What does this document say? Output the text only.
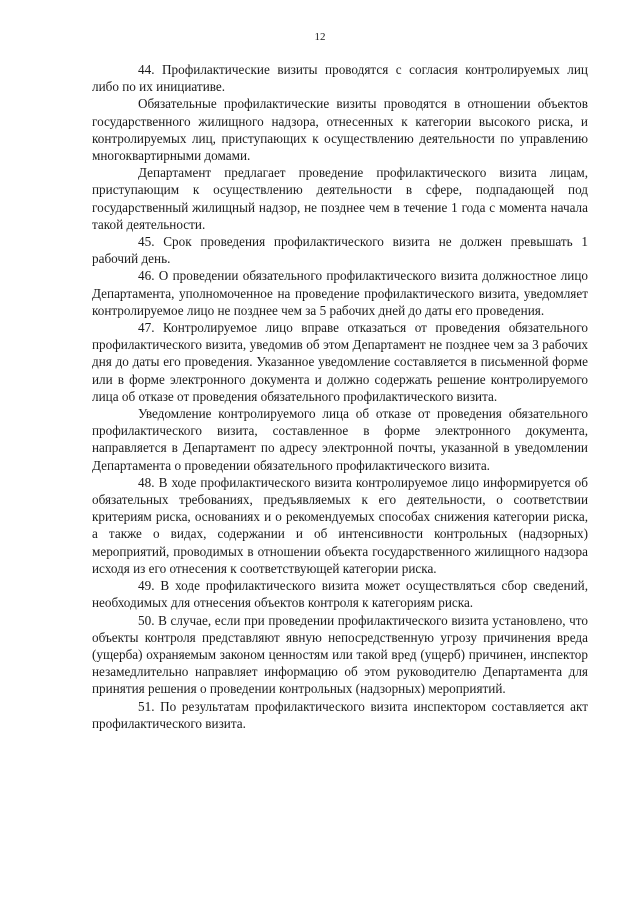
12

44. Профилактические визиты проводятся с согласия контролируемых лиц либо по их инициативе.

Обязательные профилактические визиты проводятся в отношении объектов государственного жилищного надзора, отнесенных к категории высокого риска, и контролируемых лиц, приступающих к осуществлению деятельности по управлению многоквартирными домами.

Департамент предлагает проведение профилактического визита лицам, приступающим к осуществлению деятельности в сфере, подпадающей под государственный жилищный надзор, не позднее чем в течение 1 года с момента начала такой деятельности.

45. Срок проведения профилактического визита не должен превышать 1 рабочий день.

46. О проведении обязательного профилактического визита должностное лицо Департамента, уполномоченное на проведение профилактического визита, уведомляет контролируемое лицо не позднее чем за 5 рабочих дней до даты его проведения.

47. Контролируемое лицо вправе отказаться от проведения обязательного профилактического визита, уведомив об этом Департамент не позднее чем за 3 рабочих дня до даты его проведения. Указанное уведомление составляется в письменной форме или в форме электронного документа и должно содержать решение контролируемого лица об отказе от проведения обязательного профилактического визита.

Уведомление контролируемого лица об отказе от проведения обязательного профилактического визита, составленное в форме электронного документа, направляется в Департамент по адресу электронной почты, указанной в уведомлении Департамента о проведении обязательного профилактического визита.

48. В ходе профилактического визита контролируемое лицо информируется об обязательных требованиях, предъявляемых к его деятельности, о соответствии критериям риска, основаниях и о рекомендуемых способах снижения категории риска, а также о видах, содержании и об интенсивности контрольных (надзорных) мероприятий, проводимых в отношении объекта государственного жилищного надзора исходя из его отнесения к соответствующей категории риска.

49. В ходе профилактического визита может осуществляться сбор сведений, необходимых для отнесения объектов контроля к категориям риска.

50. В случае, если при проведении профилактического визита установлено, что объекты контроля представляют явную непосредственную угрозу причинения вреда (ущерба) охраняемым законом ценностям или такой вред (ущерб) причинен, инспектор незамедлительно направляет информацию об этом руководителю Департамента для принятия решения о проведении контрольных (надзорных) мероприятий.

51. По результатам профилактического визита инспектором составляется акт профилактического визита.
